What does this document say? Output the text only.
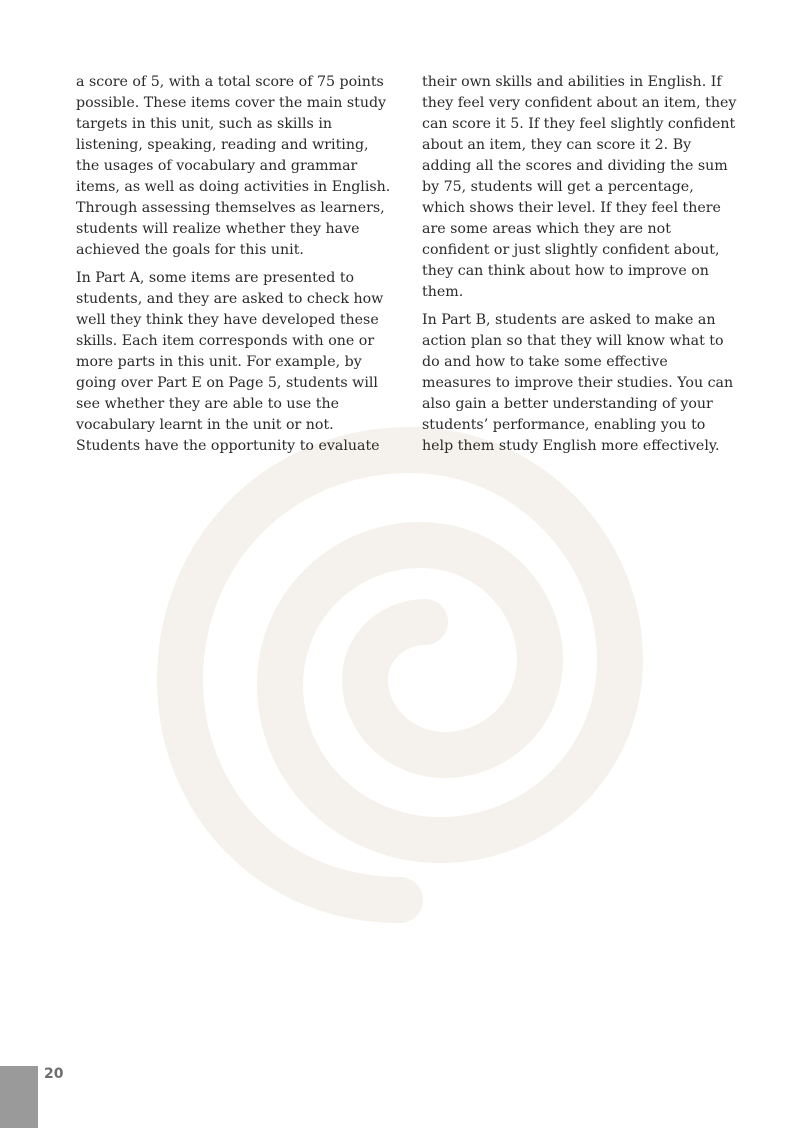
a score of 5, with a total score of 75 points possible. These items cover the main study targets in this unit, such as skills in listening, speaking, reading and writing, the usages of vocabulary and grammar items, as well as doing activities in English. Through assessing themselves as learners, students will realize whether they have achieved the goals for this unit.

In Part A, some items are presented to students, and they are asked to check how well they think they have developed these skills. Each item corresponds with one or more parts in this unit. For example, by going over Part E on Page 5, students will see whether they are able to use the vocabulary learnt in the unit or not. Students have the opportunity to evaluate

their own skills and abilities in English. If they feel very confident about an item, they can score it 5. If they feel slightly confident about an item, they can score it 2. By adding all the scores and dividing the sum by 75, students will get a percentage, which shows their level. If they feel there are some areas which they are not confident or just slightly confident about, they can think about how to improve on them.

In Part B, students are asked to make an action plan so that they will know what to do and how to take some effective measures to improve their studies. You can also gain a better understanding of your students’ performance, enabling you to help them study English more effectively.

20
